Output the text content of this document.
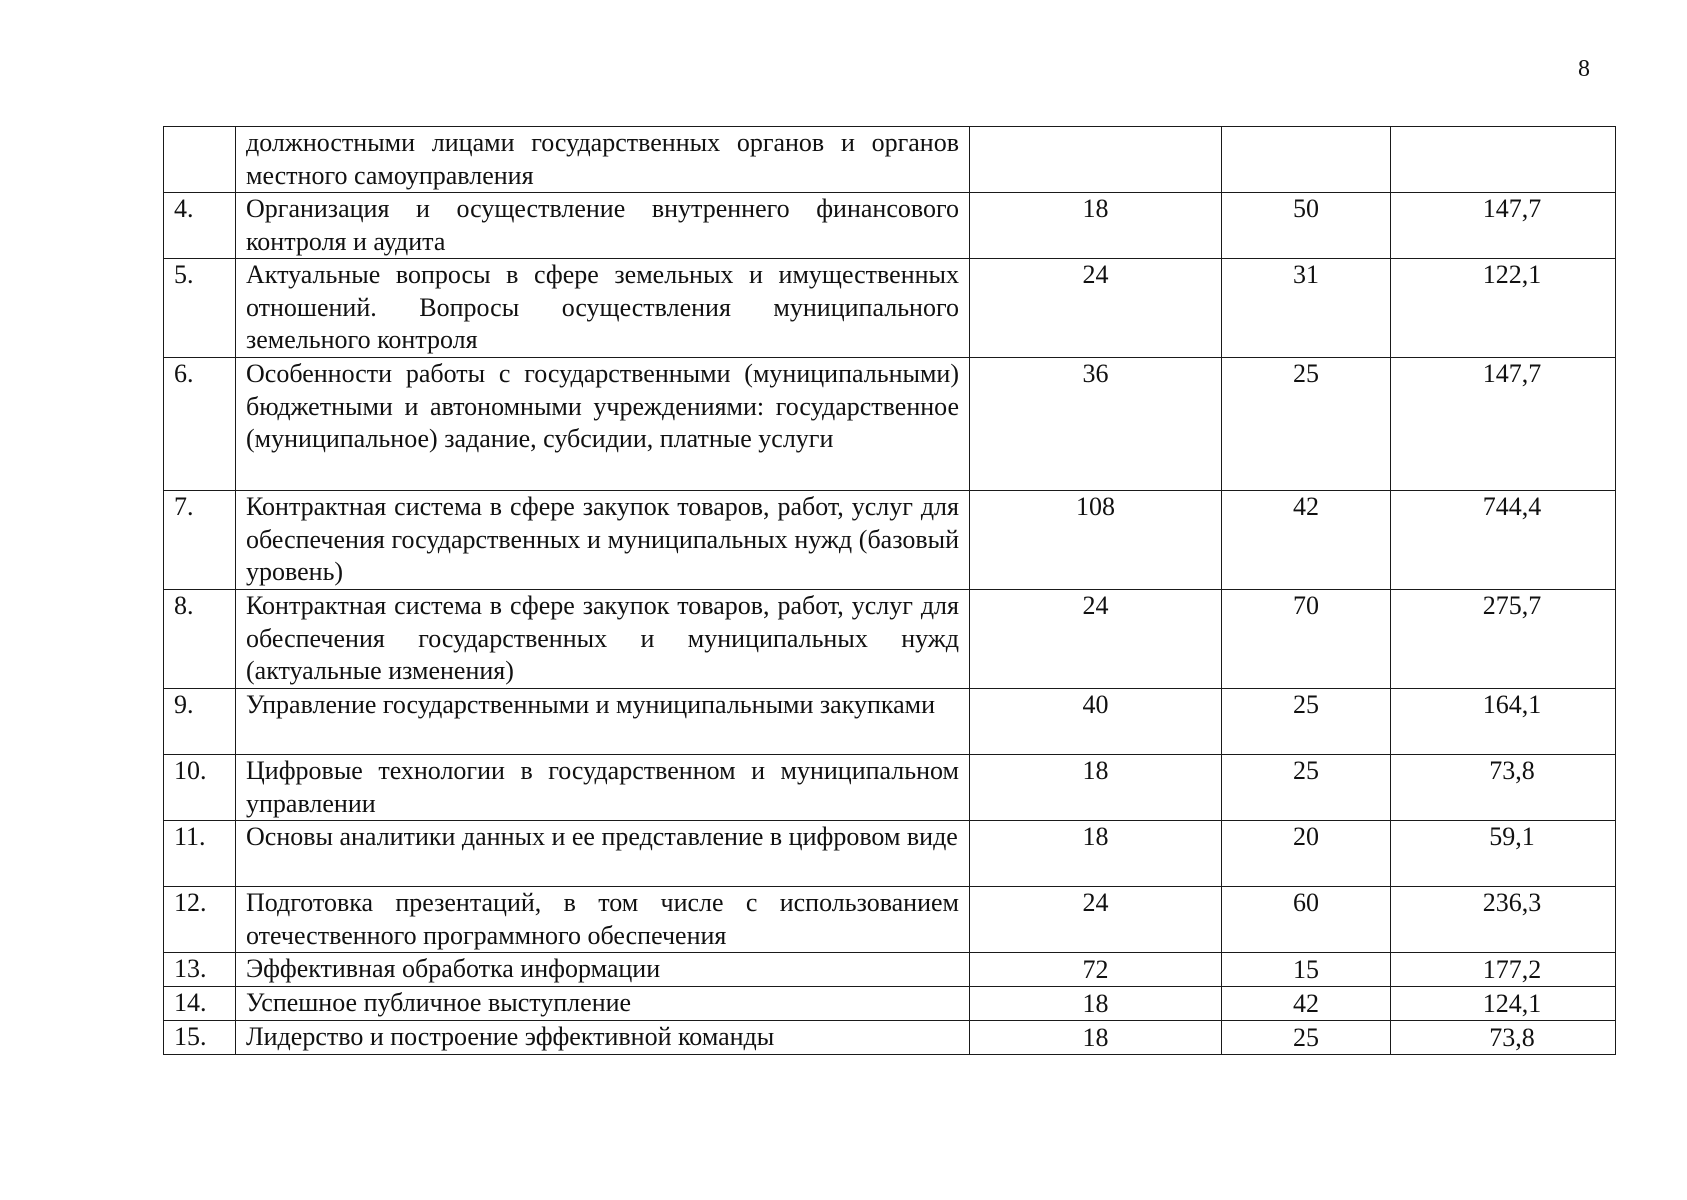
8
	должностными лицами государственных органов и органов местного самоуправления			
4.	Организация и осуществление внутреннего финансового контроля и аудита	18	50	147,7
5.	Актуальные вопросы в сфере земельных и имущественных отношений. Вопросы осуществления муниципального земельного контроля	24	31	122,1
6.	Особенности работы с государственными (муниципальными) бюджетными и автономными учреждениями: государственное (муниципальное) задание, субсидии, платные услуги	36	25	147,7
7.	Контрактная система в сфере закупок товаров, работ, услуг для обеспечения государственных и муниципальных нужд (базовый уровень)	108	42	744,4
8.	Контрактная система в сфере закупок товаров, работ, услуг для обеспечения государственных и муниципальных нужд (актуальные изменения)	24	70	275,7
9.	Управление государственными и муниципальными закупками	40	25	164,1
10.	Цифровые технологии в государственном и муниципальном управлении	18	25	73,8
11.	Основы аналитики данных и ее представление в цифровом виде	18	20	59,1
12.	Подготовка презентаций, в том числе с использованием отечественного программного обеспечения	24	60	236,3
13.	Эффективная обработка информации	72	15	177,2
14.	Успешное публичное выступление	18	42	124,1
15.	Лидерство и построение эффективной команды	18	25	73,8
